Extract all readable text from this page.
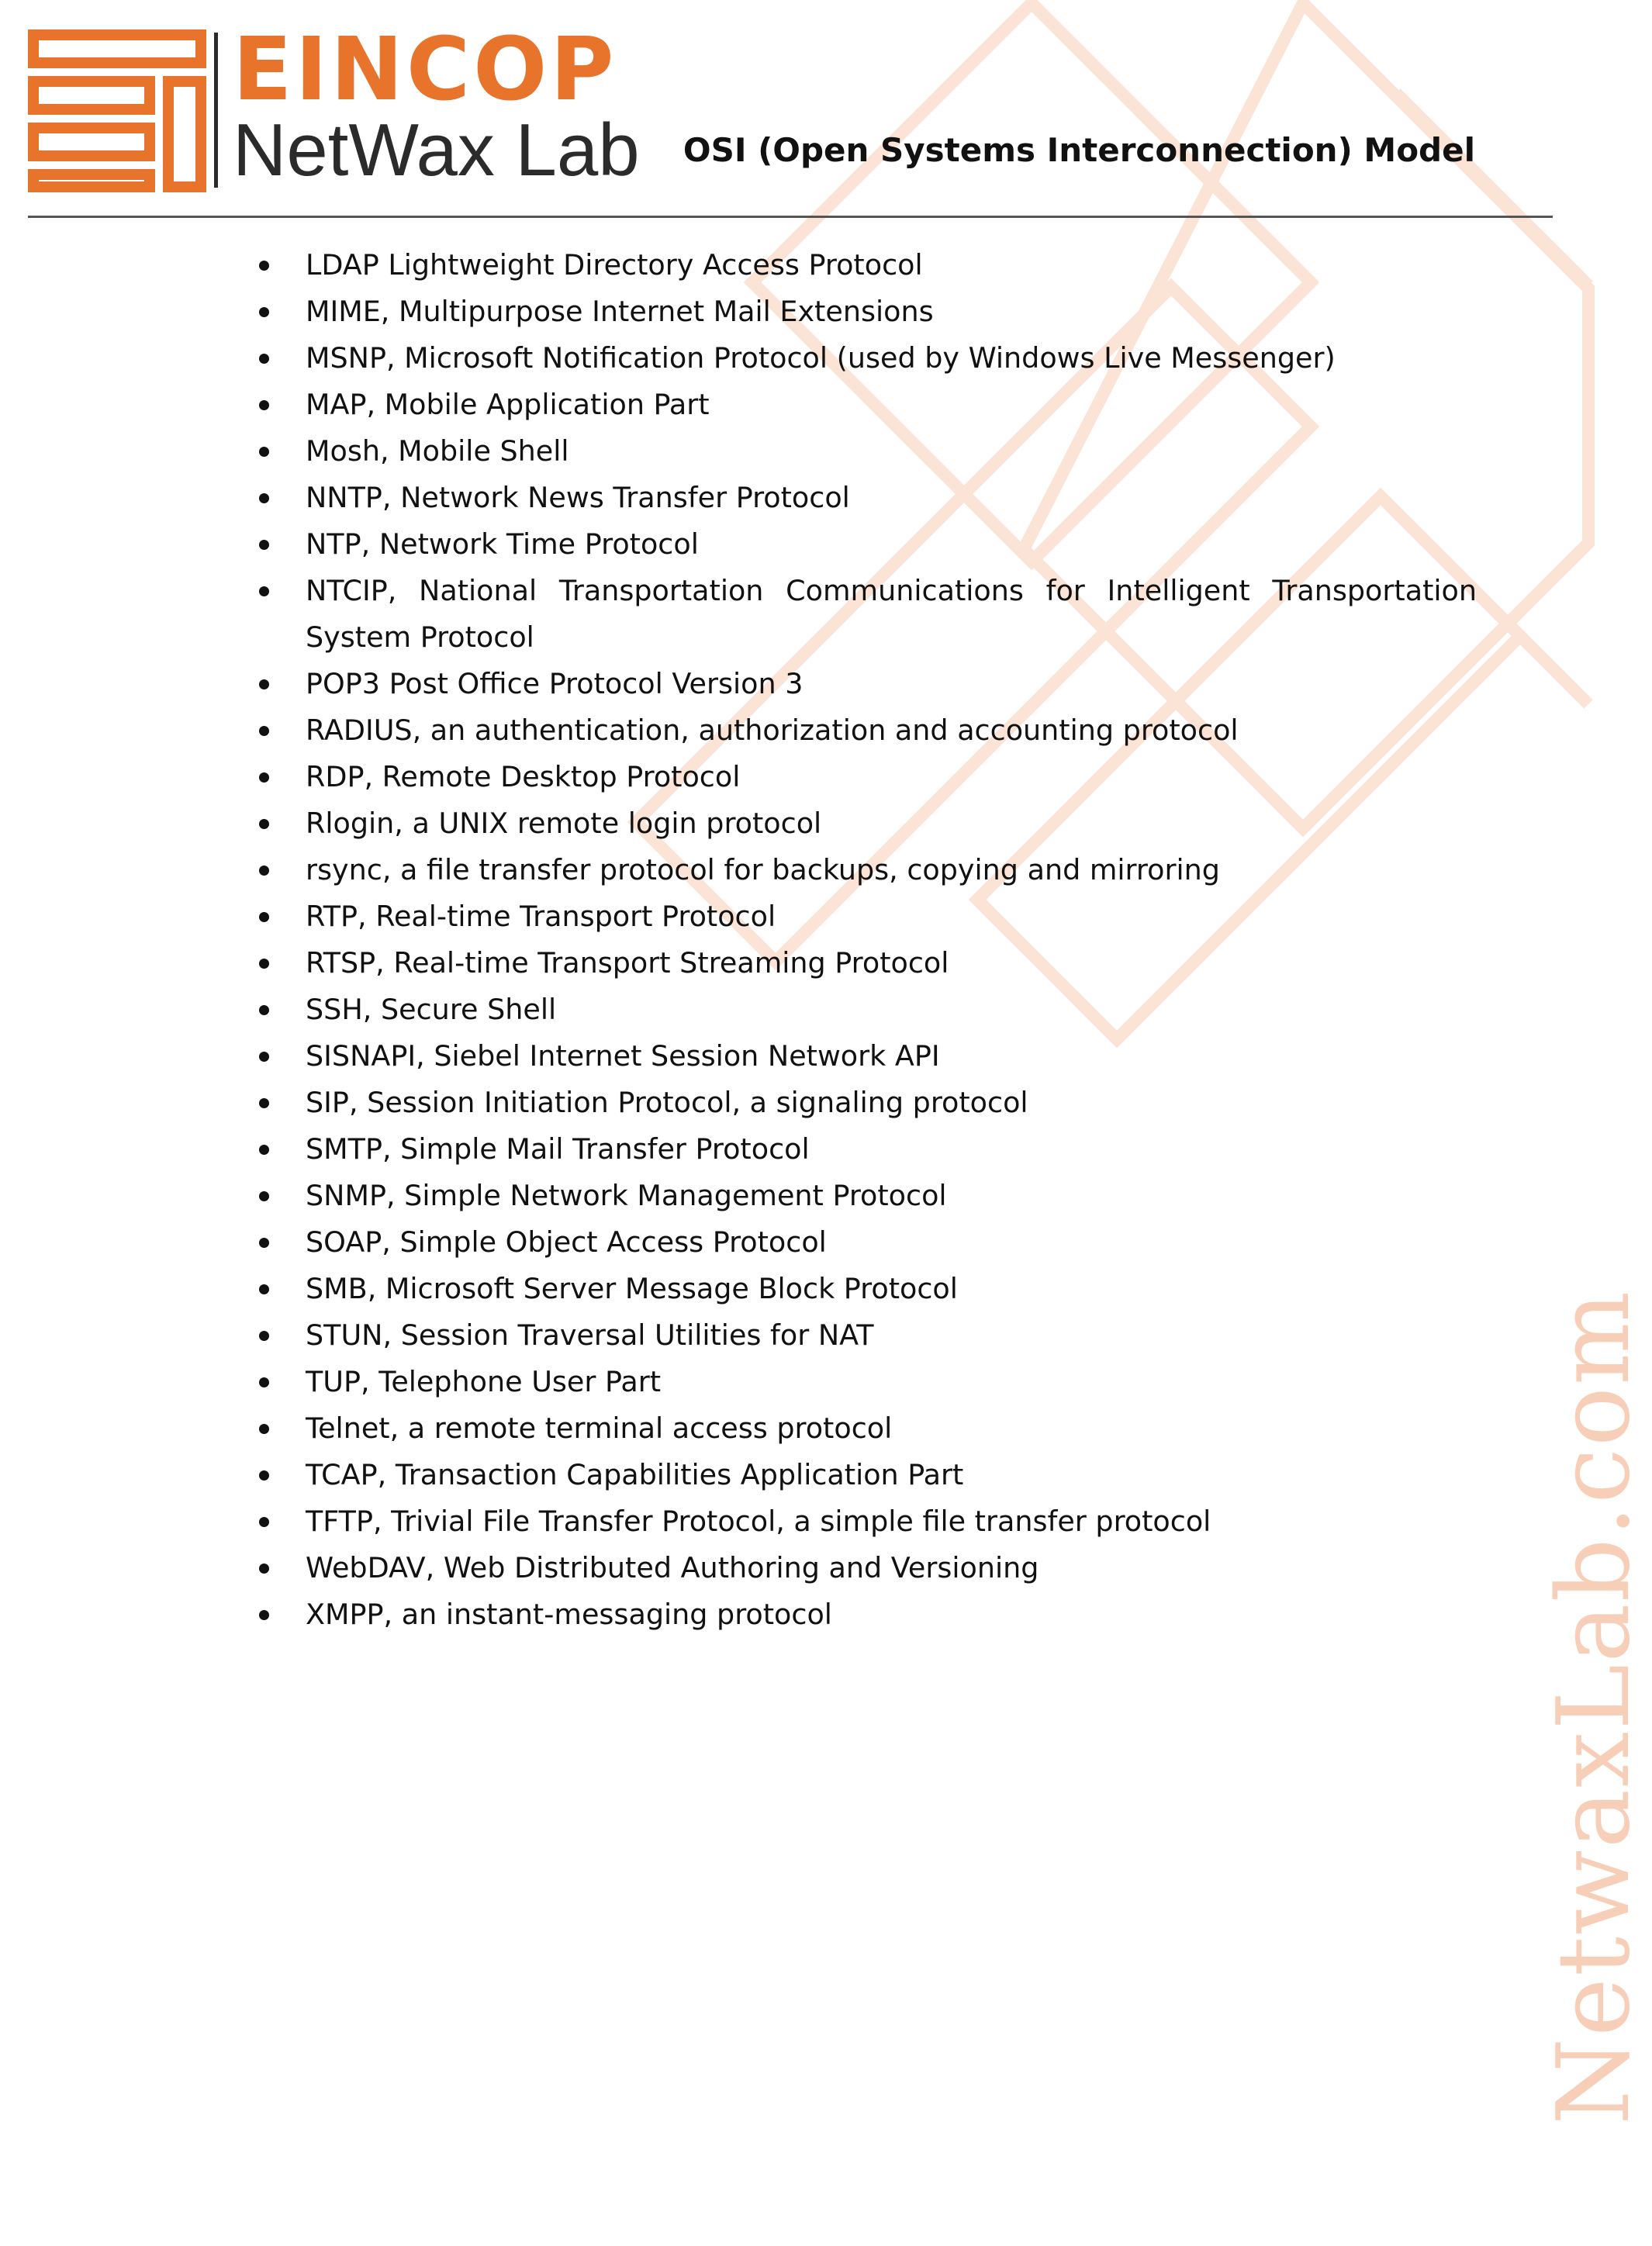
EINCOP
NetWax Lab OSI (Open Systems Interconnection) Model
LDAP Lightweight Directory Access Protocol
MIME, Multipurpose Internet Mail Extensions
MSNP, Microsoft Notification Protocol (used by Windows Live Messenger)
MAP, Mobile Application Part
Mosh, Mobile Shell
NNTP, Network News Transfer Protocol
NTP, Network Time Protocol
NTCIP, National Transportation Communications for Intelligent Transportation System Protocol
POP3 Post Office Protocol Version 3
RADIUS, an authentication, authorization and accounting protocol
RDP, Remote Desktop Protocol
Rlogin, a UNIX remote login protocol
rsync, a file transfer protocol for backups, copying and mirroring
RTP, Real-time Transport Protocol
RTSP, Real-time Transport Streaming Protocol
SSH, Secure Shell
SISNAPI, Siebel Internet Session Network API
SIP, Session Initiation Protocol, a signaling protocol
SMTP, Simple Mail Transfer Protocol
SNMP, Simple Network Management Protocol
SOAP, Simple Object Access Protocol
SMB, Microsoft Server Message Block Protocol
STUN, Session Traversal Utilities for NAT
TUP, Telephone User Part
Telnet, a remote terminal access protocol
TCAP, Transaction Capabilities Application Part
TFTP, Trivial File Transfer Protocol, a simple file transfer protocol
WebDAV, Web Distributed Authoring and Versioning
XMPP, an instant-messaging protocol	NetwaxLab.com
